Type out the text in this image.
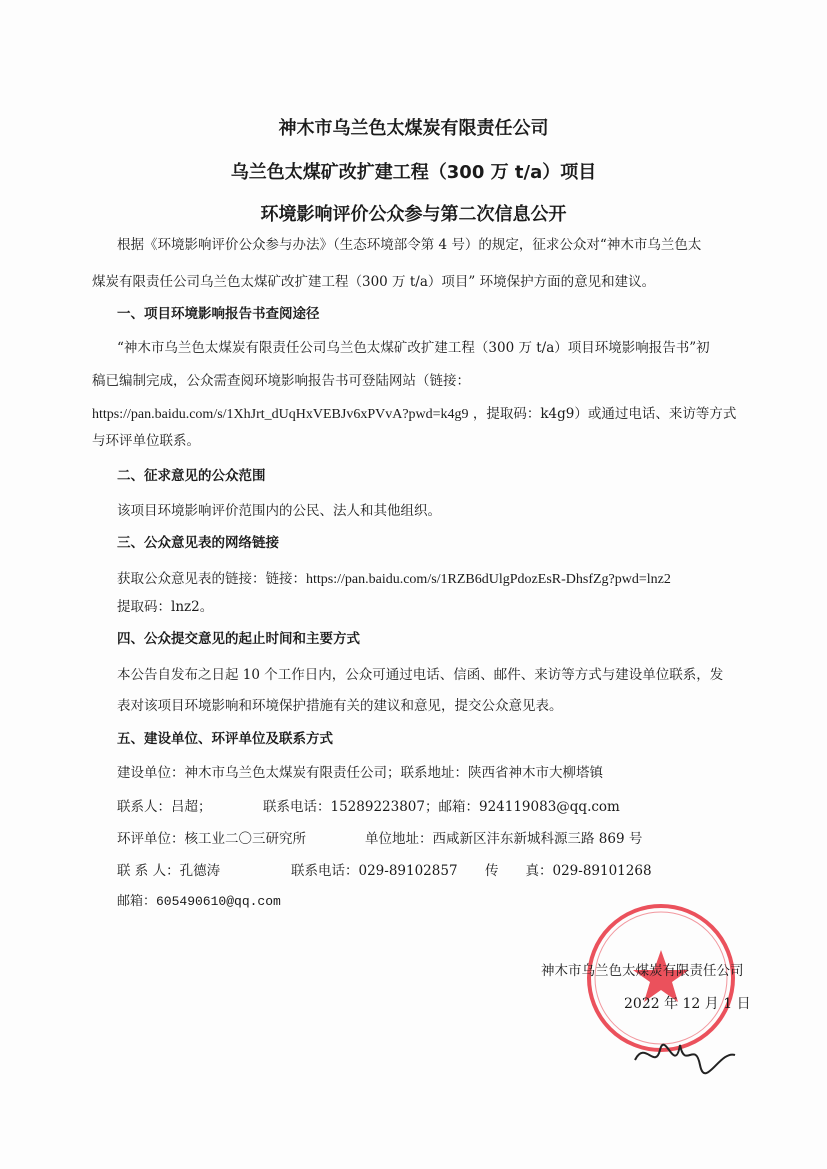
神木市乌兰色太煤炭有限责任公司
乌兰色太煤矿改扩建工程（300 万 t/a）项目
环境影响评价公众参与第二次信息公开
根据《环境影响评价公众参与办法》（生态环境部令第 4 号）的规定，征求公众对“神木市乌兰色太
煤炭有限责任公司乌兰色太煤矿改扩建工程（300 万 t/a）项目” 环境保护方面的意见和建议。
一、项目环境影响报告书查阅途径
“神木市乌兰色太煤炭有限责任公司乌兰色太煤矿改扩建工程（300 万 t/a）项目环境影响报告书”初
稿已编制完成，公众需查阅环境影响报告书可登陆网站（链接：
https://pan.baidu.com/s/1XhJrt_dUqHxVEBJv6xPVvA?pwd=k4g9 ，提取码：k4g9）或通过电话、来访等方式
与环评单位联系。
二、征求意见的公众范围
该项目环境影响评价范围内的公民、法人和其他组织。
三、公众意见表的网络链接
获取公众意见表的链接：链接：https://pan.baidu.com/s/1RZB6dUlgPdozEsR-DhsfZg?pwd=lnz2
提取码：lnz2。
四、公众提交意见的起止时间和主要方式
本公告自发布之日起 10 个工作日内，公众可通过电话、信函、邮件、来访等方式与建设单位联系，发
表对该项目环境影响和环境保护措施有关的建议和意见，提交公众意见表。
五、建设单位、环评单位及联系方式
建设单位：神木市乌兰色太煤炭有限责任公司；联系地址：陕西省神木市大柳塔镇
联系人：吕超；	联系电话：15289223807；邮箱：924119083@qq.com
环评单位：核工业二〇三研究所	单位地址：西咸新区沣东新城科源三路 869 号
联 系 人：孔德涛	联系电话：029-89102857 传　　真：029-89101268
邮箱：605490610@qq.com
神木市乌兰色太煤炭有限责任公司
2022 年 12 月 1 日
